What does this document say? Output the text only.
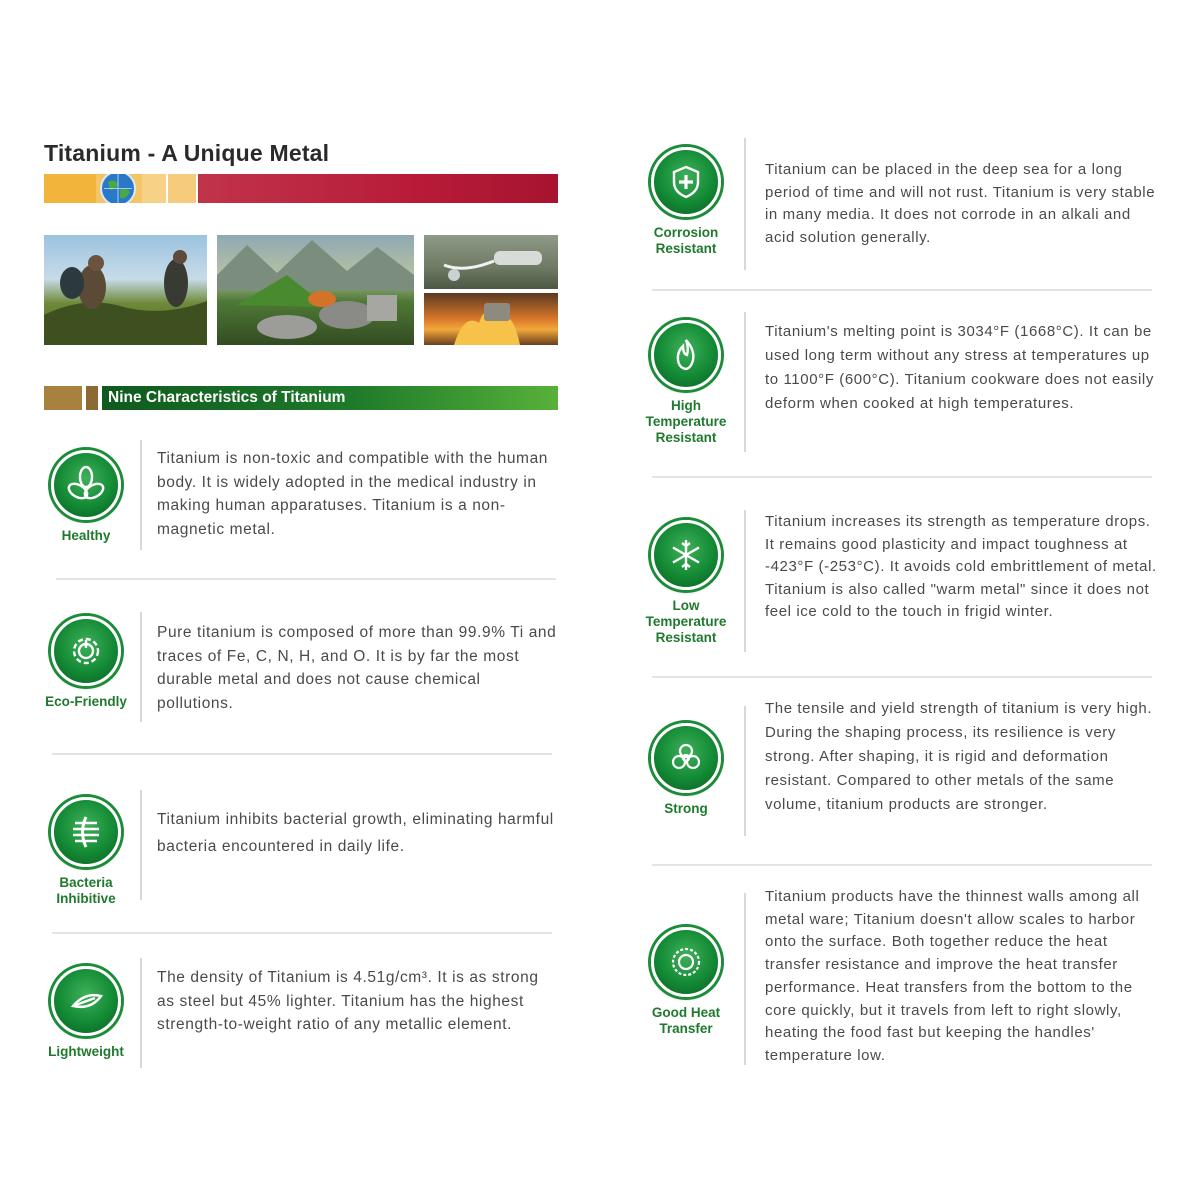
Titanium - A Unique Metal
Nine Characteristics of Titanium
Healthy
Titanium is non-toxic and compatible with the human body. It is widely adopted in the medical industry in making human apparatuses. Titanium is a non-magnetic metal.
Eco-Friendly
Pure titanium is composed of more than 99.9% Ti and traces of Fe, C, N, H, and O. It is by far the most durable metal and does not cause chemical pollutions.
Bacteria
Inhibitive
Titanium inhibits bacterial growth, eliminating harmful bacteria encountered in daily life.
Lightweight
The density of Titanium is 4.51g/cm³. It is as strong as steel but 45% lighter. Titanium has the highest strength-to-weight ratio of any metallic element.
Corrosion
Resistant
Titanium can be placed in the deep sea for a long period of time and will not rust. Titanium is very stable in many media. It does not corrode in an alkali and acid solution generally.
High
Temperature
Resistant
Titanium's melting point is 3034°F (1668°C). It can be used long term without any stress at temperatures up to 1100°F (600°C). Titanium cookware does not easily deform when cooked at high temperatures.
Low
Temperature
Resistant
Titanium increases its strength as temperature drops. It remains good plasticity and impact toughness at -423°F (-253°C). It avoids cold embrittlement of metal. Titanium is also called "warm metal" since it does not feel ice cold to the touch in frigid winter.
Strong
The tensile and yield strength of titanium is very high. During the shaping process, its resilience is very strong. After shaping, it is rigid and deformation resistant. Compared to other metals of the same volume, titanium products are stronger.
Good Heat
Transfer
Titanium products have the thinnest walls among all metal ware; Titanium doesn't allow scales to harbor onto the surface. Both together reduce the heat transfer resistance and improve the heat transfer performance. Heat transfers from the bottom to the core quickly, but it travels from left to right slowly, heating the food fast but keeping the handles' temperature low.
